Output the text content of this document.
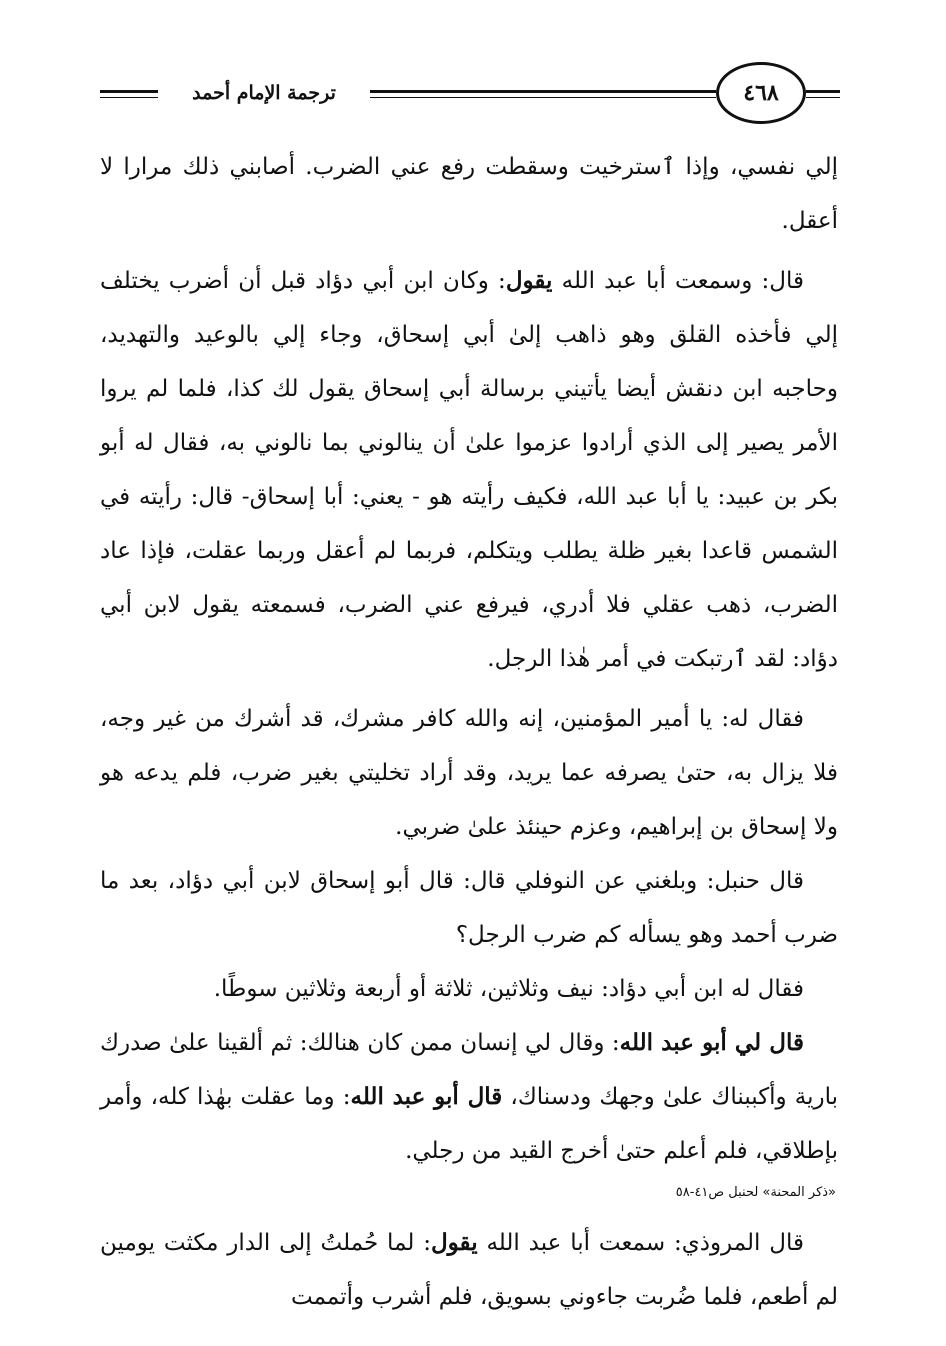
ترجمة الإمام أحمد	٤٦٨

إلي نفسي، وإذا ٱسترخيت وسقطت رفع عني الضرب. أصابني ذلك مرارا لا أعقل.

قال: وسمعت أبا عبد الله يقول: وكان ابن أبي دؤاد قبل أن أضرب يختلف إلي فأخذه القلق وهو ذاهب إلىٰ أبي إسحاق، وجاء إلي بالوعيد والتهديد، وحاجبه ابن دنقش أيضا يأتيني برسالة أبي إسحاق يقول لك كذا، فلما لم يروا الأمر يصير إلى الذي أرادوا عزموا علىٰ أن ينالوني بما نالوني به، فقال له أبو بكر بن عبيد: يا أبا عبد الله، فكيف رأيته هو - يعني: أبا إسحاق- قال: رأيته في الشمس قاعدا بغير ظلة يطلب ويتكلم، فربما لم أعقل وربما عقلت، فإذا عاد الضرب، ذهب عقلي فلا أدري، فيرفع عني الضرب، فسمعته يقول لابن أبي دؤاد: لقد ٱرتبكت في أمر هٰذا الرجل.

فقال له: يا أمير المؤمنين، إنه والله كافر مشرك، قد أشرك من غير وجه، فلا يزال به، حتىٰ يصرفه عما يريد، وقد أراد تخليتي بغير ضرب، فلم يدعه هو ولا إسحاق بن إبراهيم، وعزم حينئذ علىٰ ضربي.

قال حنبل: وبلغني عن النوفلي قال: قال أبو إسحاق لابن أبي دؤاد، بعد ما ضرب أحمد وهو يسأله كم ضرب الرجل؟

فقال له ابن أبي دؤاد: نيف وثلاثين، ثلاثة أو أربعة وثلاثين سوطًا.

قال لي أبو عبد الله: وقال لي إنسان ممن كان هنالك: ثم ألقينا علىٰ صدرك بارية وأكببناك علىٰ وجهك ودسناك، قال أبو عبد الله: وما عقلت بهٰذا كله، وأمر بإطلاقي، فلم أعلم حتىٰ أخرج القيد من رجلي.

«ذكر المحنة» لحنبل ص٤١-٥٨

قال المروذي: سمعت أبا عبد الله يقول: لما حُملتُ إلى الدار مكثت يومين لم أطعم، فلما ضُربت جاءوني بسويق، فلم أشرب وأتممت
